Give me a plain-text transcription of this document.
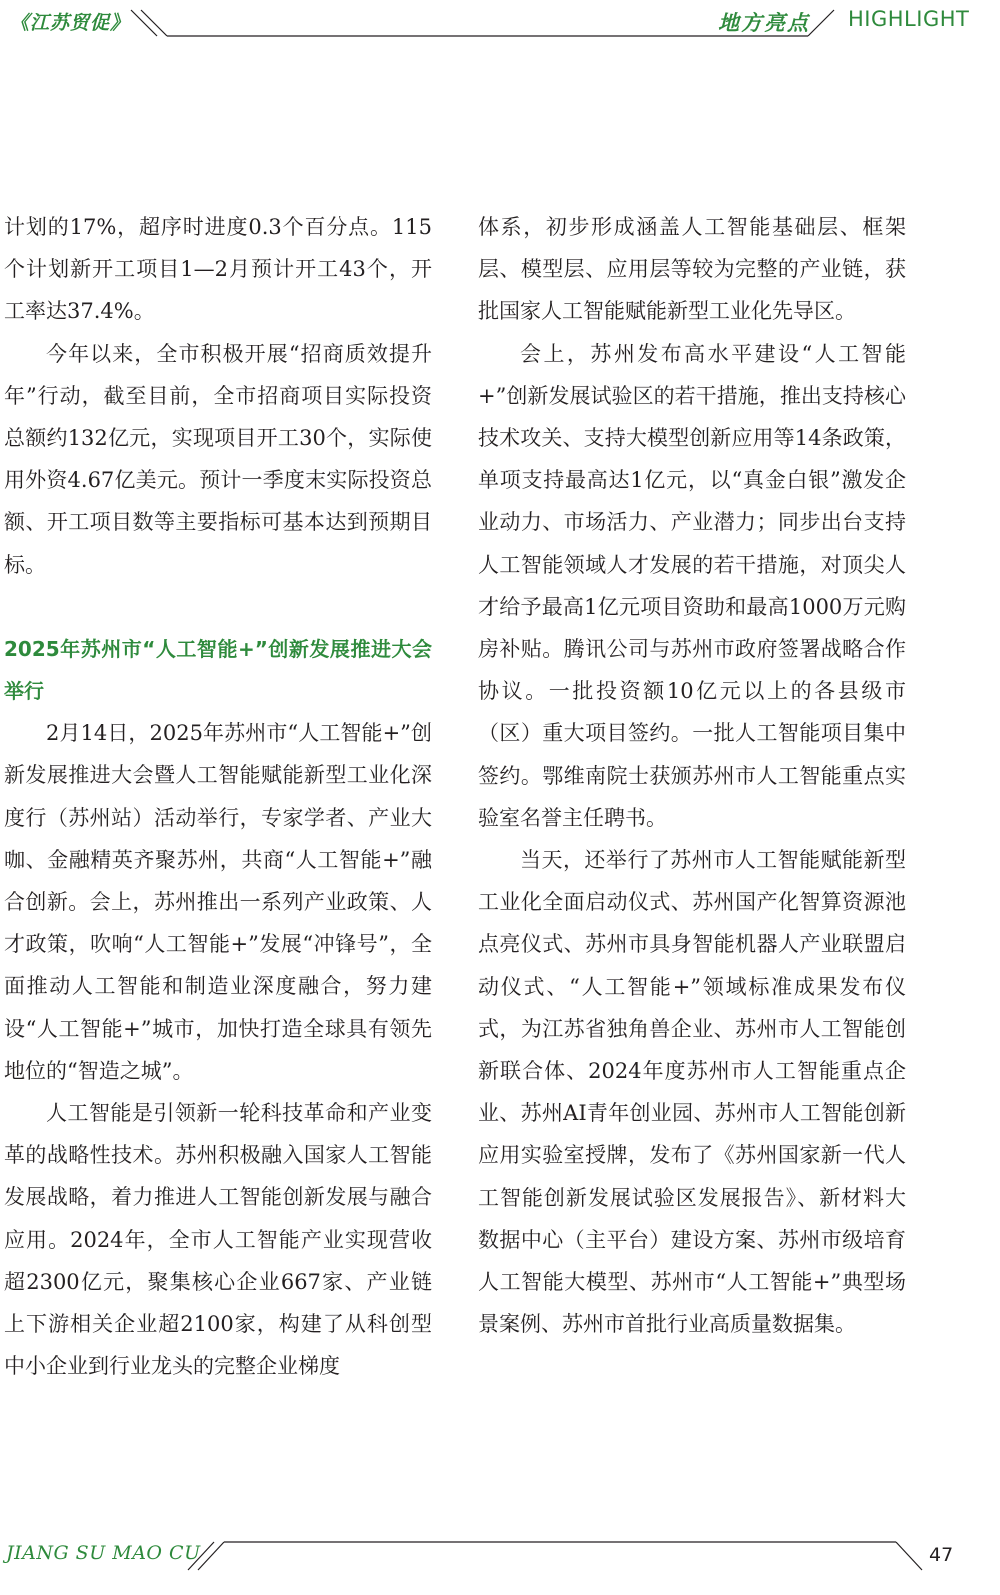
《江苏贸促》	地方亮点 HIGHLIGHT

计划的17%，超序时进度0.3个百分点。115个计划新开工项目1—2月预计开工43个，开工率达37.4%。

今年以来，全市积极开展“招商质效提升年”行动，截至目前，全市招商项目实际投资总额约132亿元，实现项目开工30个，实际使用外资4.67亿美元。预计一季度末实际投资总额、开工项目数等主要指标可基本达到预期目标。

2025年苏州市“人工智能+”创新发展推进大会举行

2月14日，2025年苏州市“人工智能+”创新发展推进大会暨人工智能赋能新型工业化深度行（苏州站）活动举行，专家学者、产业大咖、金融精英齐聚苏州，共商“人工智能+”融合创新。会上，苏州推出一系列产业政策、人才政策，吹响“人工智能+”发展“冲锋号”，全面推动人工智能和制造业深度融合，努力建设“人工智能+”城市，加快打造全球具有领先地位的“智造之城”。

人工智能是引领新一轮科技革命和产业变革的战略性技术。苏州积极融入国家人工智能发展战略，着力推进人工智能创新发展与融合应用。2024年，全市人工智能产业实现营收超2300亿元，聚集核心企业667家、产业链上下游相关企业超2100家，构建了从科创型中小企业到行业龙头的完整企业梯度

体系，初步形成涵盖人工智能基础层、框架层、模型层、应用层等较为完整的产业链，获批国家人工智能赋能新型工业化先导区。

会上，苏州发布高水平建设“人工智能+”创新发展试验区的若干措施，推出支持核心技术攻关、支持大模型创新应用等14条政策，单项支持最高达1亿元，以“真金白银”激发企业动力、市场活力、产业潜力；同步出台支持人工智能领域人才发展的若干措施，对顶尖人才给予最高1亿元项目资助和最高1000万元购房补贴。腾讯公司与苏州市政府签署战略合作协议。一批投资额10亿元以上的各县级市（区）重大项目签约。一批人工智能项目集中签约。鄂维南院士获颁苏州市人工智能重点实验室名誉主任聘书。

当天，还举行了苏州市人工智能赋能新型工业化全面启动仪式、苏州国产化智算资源池点亮仪式、苏州市具身智能机器人产业联盟启动仪式、“人工智能+”领域标准成果发布仪式，为江苏省独角兽企业、苏州市人工智能创新联合体、2024年度苏州市人工智能重点企业、苏州AI青年创业园、苏州市人工智能创新应用实验室授牌，发布了《苏州国家新一代人工智能创新发展试验区发展报告》、新材料大数据中心（主平台）建设方案、苏州市级培育人工智能大模型、苏州市“人工智能+”典型场景案例、苏州市首批行业高质量数据集。

JIANG SU MAO CU	47
